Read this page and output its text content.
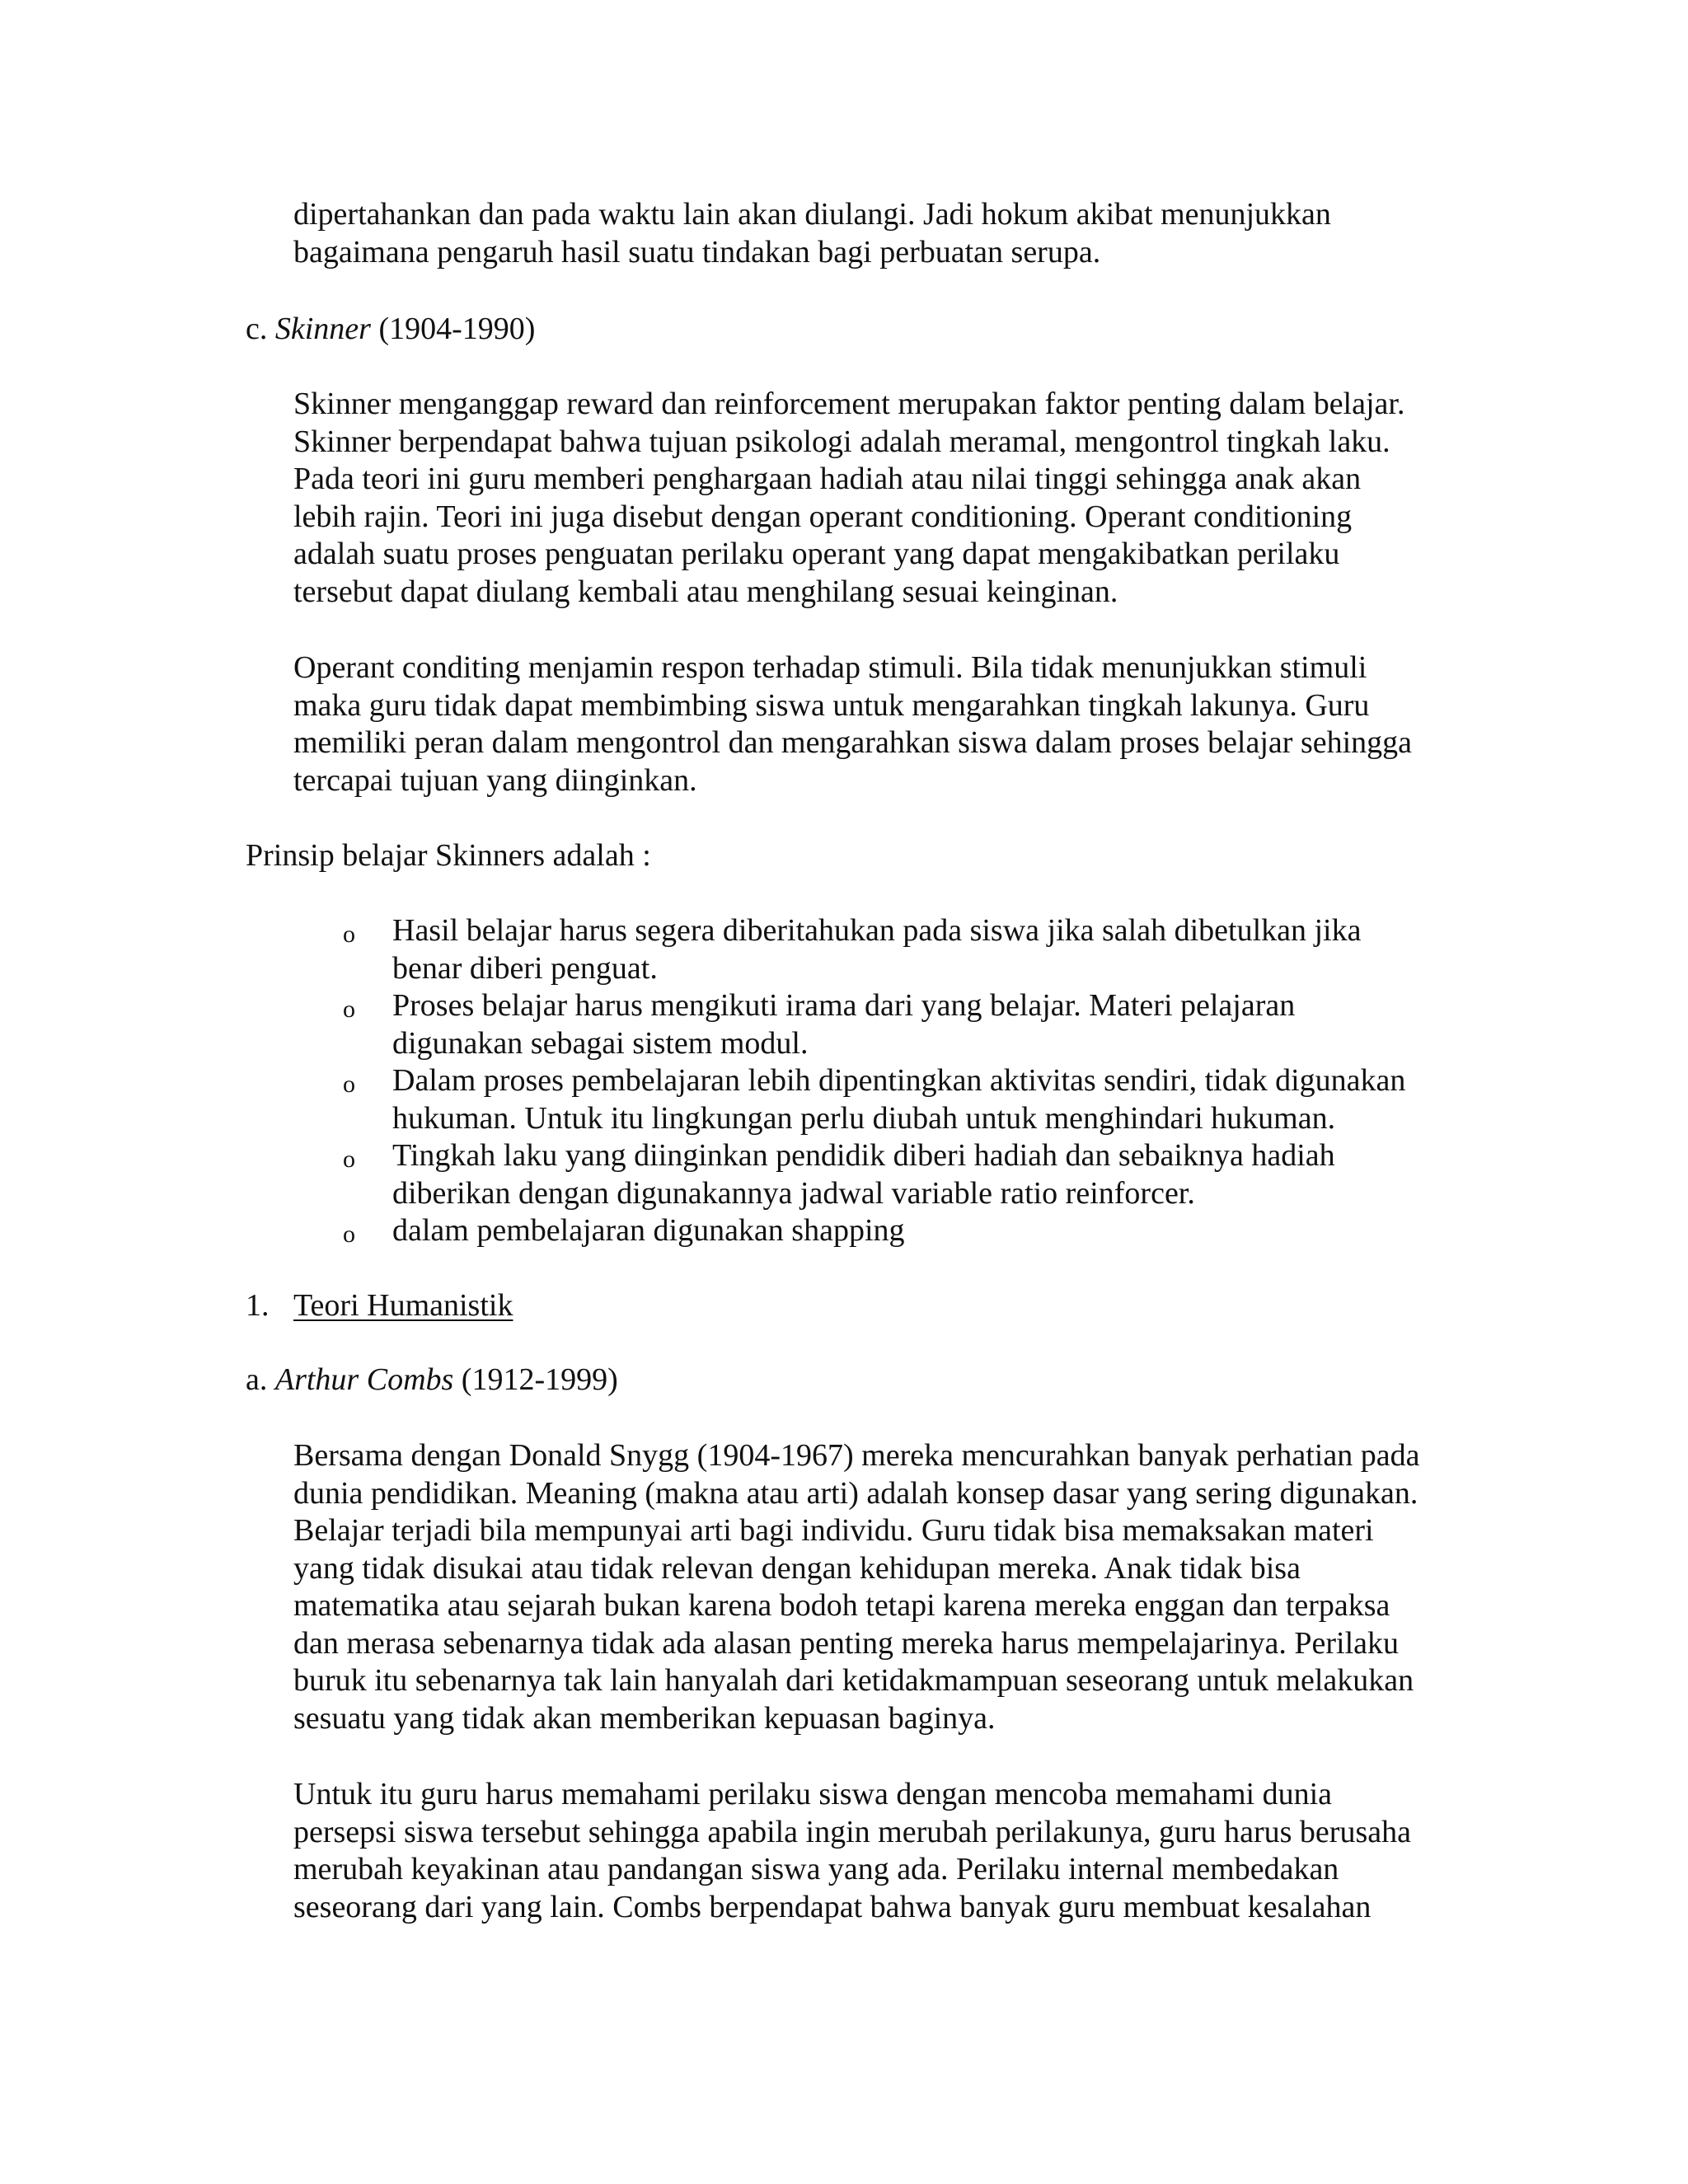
dipertahankan dan pada waktu lain akan diulangi. Jadi hokum akibat menunjukkan
bagaimana pengaruh hasil suatu tindakan bagi perbuatan serupa.

c. Skinner (1904-1990)

Skinner menganggap reward dan reinforcement merupakan faktor penting dalam belajar.
Skinner berpendapat bahwa tujuan psikologi adalah meramal, mengontrol tingkah laku.
Pada teori ini guru memberi penghargaan hadiah atau nilai tinggi sehingga anak akan
lebih rajin. Teori ini juga disebut dengan operant conditioning. Operant conditioning
adalah suatu proses penguatan perilaku operant yang dapat mengakibatkan perilaku
tersebut dapat diulang kembali atau menghilang sesuai keinginan.

Operant conditing menjamin respon terhadap stimuli. Bila tidak menunjukkan stimuli
maka guru tidak dapat membimbing siswa untuk mengarahkan tingkah lakunya. Guru
memiliki peran dalam mengontrol dan mengarahkan siswa dalam proses belajar sehingga
tercapai tujuan yang diinginkan.

Prinsip belajar Skinners adalah :

o Hasil belajar harus segera diberitahukan pada siswa jika salah dibetulkan jika
benar diberi penguat.

o Proses belajar harus mengikuti irama dari yang belajar. Materi pelajaran
digunakan sebagai sistem modul.

o Dalam proses pembelajaran lebih dipentingkan aktivitas sendiri, tidak digunakan
hukuman. Untuk itu lingkungan perlu diubah untuk menghindari hukuman.

o Tingkah laku yang diinginkan pendidik diberi hadiah dan sebaiknya hadiah
diberikan dengan digunakannya jadwal variable ratio reinforcer.

o dalam pembelajaran digunakan shapping

1. Teori Humanistik

a. Arthur Combs (1912-1999)

Bersama dengan Donald Snygg (1904-1967) mereka mencurahkan banyak perhatian pada
dunia pendidikan. Meaning (makna atau arti) adalah konsep dasar yang sering digunakan.
Belajar terjadi bila mempunyai arti bagi individu. Guru tidak bisa memaksakan materi
yang tidak disukai atau tidak relevan dengan kehidupan mereka. Anak tidak bisa
matematika atau sejarah bukan karena bodoh tetapi karena mereka enggan dan terpaksa
dan merasa sebenarnya tidak ada alasan penting mereka harus mempelajarinya. Perilaku
buruk itu sebenarnya tak lain hanyalah dari ketidakmampuan seseorang untuk melakukan
sesuatu yang tidak akan memberikan kepuasan baginya.

Untuk itu guru harus memahami perilaku siswa dengan mencoba memahami dunia
persepsi siswa tersebut sehingga apabila ingin merubah perilakunya, guru harus berusaha
merubah keyakinan atau pandangan siswa yang ada. Perilaku internal membedakan
seseorang dari yang lain. Combs berpendapat bahwa banyak guru membuat kesalahan
